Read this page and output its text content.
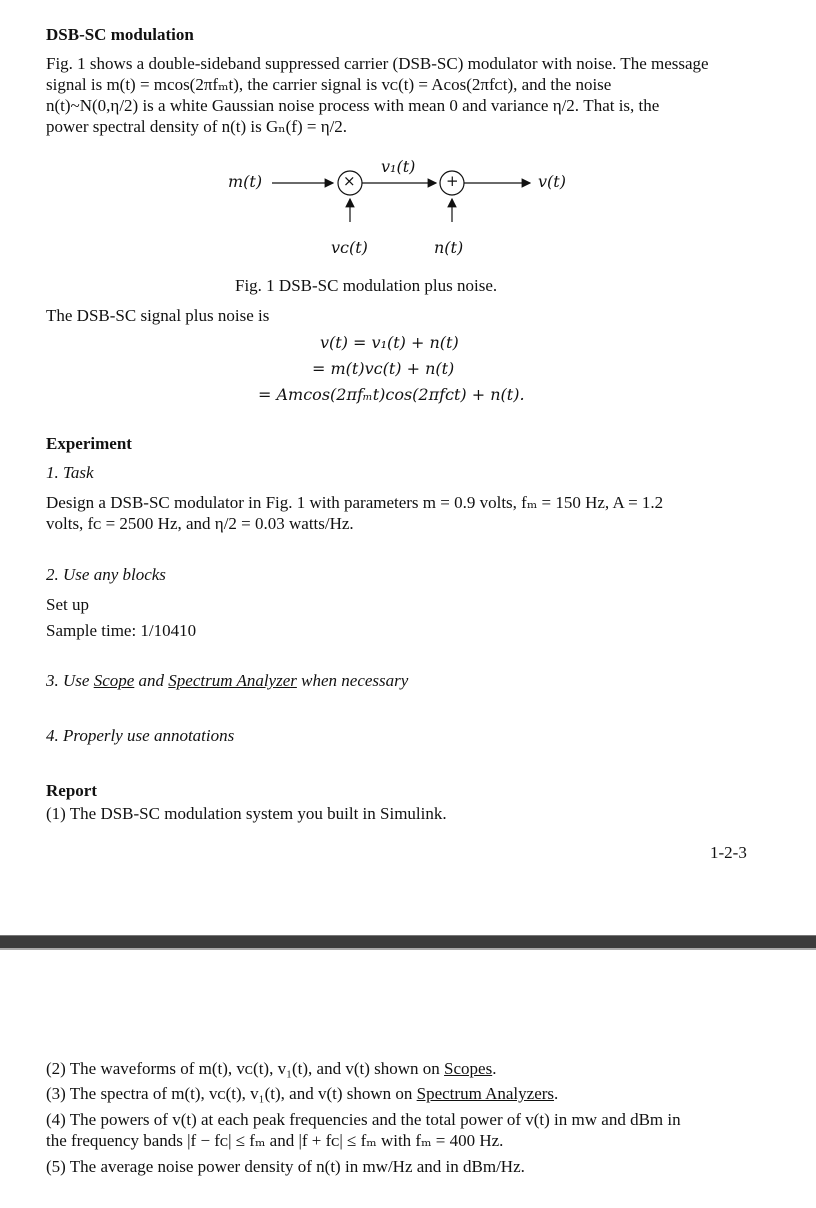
DSB-SC modulation
Fig. 1 shows a double-sideband suppressed carrier (DSB-SC) modulator with noise. The message
signal is m(t) = mcos(2πfₘt), the carrier signal is vᴄ(t) = Acos(2πfᴄt), and the noise
n(t)~N(0,η/2) is a white Gaussian noise process with mean 0 and variance η/2. That is, the
power spectral density of n(t) is Gₙ(f) = η/2.
m(t)	×
v₁(t)
+	v(t)
vᴄ(t)	n(t)
Fig. 1 DSB-SC modulation plus noise.
The DSB-SC signal plus noise is
v(t) = v₁(t) + n(t)
= m(t)vᴄ(t) + n(t)
= Amcos(2πfₘt)cos(2πfᴄt) + n(t).
Experiment
1. Task
Design a DSB-SC modulator in Fig. 1 with parameters m = 0.9 volts, fₘ = 150 Hz, A = 1.2
volts, fᴄ = 2500 Hz, and η/2 = 0.03 watts/Hz.
2. Use any blocks
Set up
Sample time: 1/10410
3. Use Scope and Spectrum Analyzer when necessary
4. Properly use annotations
Report
(1) The DSB-SC modulation system you built in Simulink.
1-2-3
(2) The waveforms of m(t), vᴄ(t), v₁(t), and v(t) shown on Scopes.
(3) The spectra of m(t), vᴄ(t), v₁(t), and v(t) shown on Spectrum Analyzers.
(4) The powers of v(t) at each peak frequencies and the total power of v(t) in mw and dBm in
the frequency bands |f − fᴄ| ≤ fₘ and |f + fᴄ| ≤ fₘ with fₘ = 400 Hz.
(5) The average noise power density of n(t) in mw/Hz and in dBm/Hz.
